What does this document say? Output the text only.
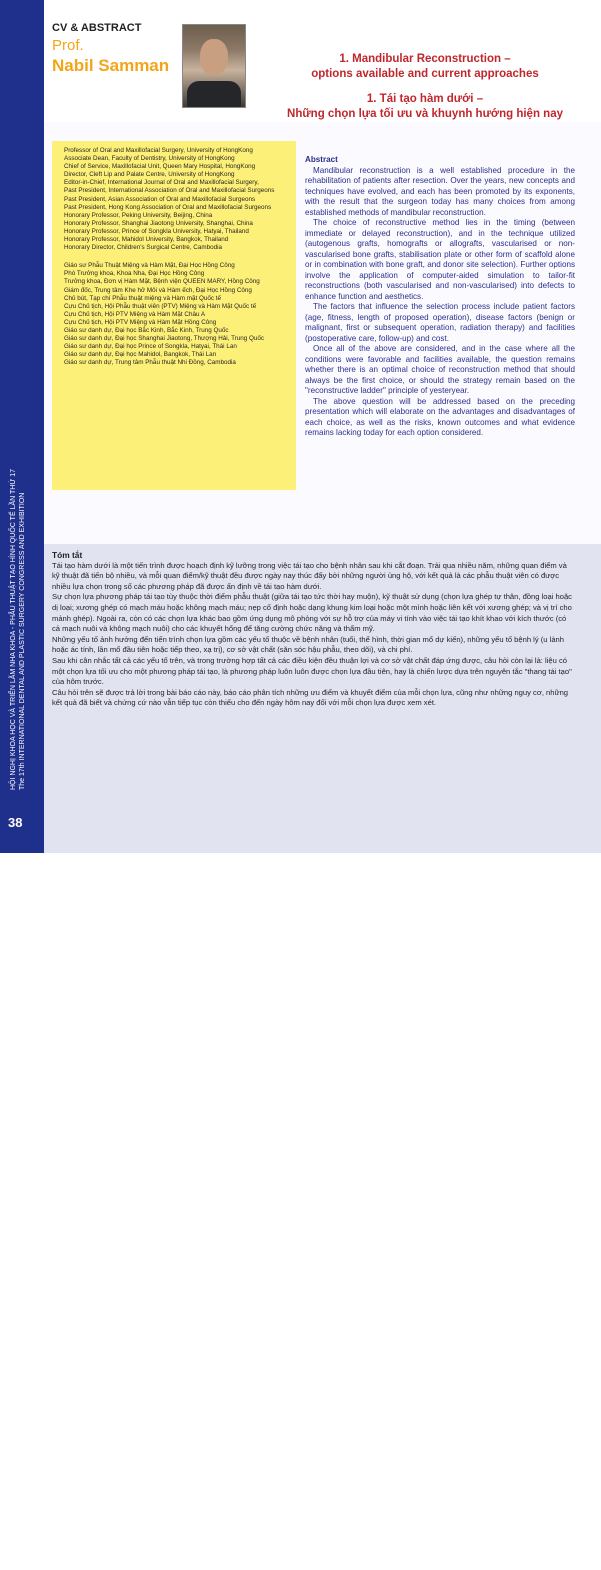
HỘI NGHỊ KHOA HỌC VÀ TRIỂN LÃM NHA KHOA - PHẪU THUẬT TẠO HÌNH QUỐC TẾ LẦN THỨ 17 The 17th INTERNATIONAL DENTAL AND PLASTIC SURGERY CONGRESS AND EXHIBITION
38
CV & ABSTRACT
Prof.
Nabil Samman	1. Mandibular Reconstruction –
options available and current approaches
1. Tái tạo hàm dưới –
Những chọn lựa tối ưu và khuynh hướng hiện nay
Professor of Oral and Maxillofacial Surgery, University of HongKong
Associate Dean, Faculty of Dentistry, University of HongKong
Chief of Service, Maxillofacial Unit, Queen Mary Hospital, HongKong
Director, Cleft Lip and Palate Centre, University of HongKong
Editor-in-Chief, International Journal of Oral and Maxillofacial Surgery,
Past President, International Association of Oral and Maxillofacial Surgeons
Past President, Asian Association of Oral and Maxillofacial Surgeons
Past President, Hong Kong Association of Oral and Maxillofacial Surgeons
Honorary Professor, Peking University, Beijing, China
Honorary Professor, Shanghai Jiaotong University, Shanghai, China
Honorary Professor, Prince of Songkla University, Hatyai, Thailand
Honorary Professor, Mahidol University, Bangkok, Thailand
Honorary Director, Children's Surgical Centre, Cambodia
Giáo sư Phẫu Thuật Miệng và Hàm Mặt, Đại Học Hồng Công
Phó Trưởng khoa, Khoa Nha, Đại Học Hồng Công
Trưởng khoa, Đơn vị Hàm Mặt, Bệnh viện QUEEN MARY, Hồng Công
Giám đốc, Trung tâm Khe hở Môi và Hàm ếch, Đại Học Hồng Công
Chủ bút, Tạp chí Phẫu thuật miệng và Hàm mặt Quốc tế
Cựu Chủ tịch, Hội Phẫu thuật viên (PTV) Miệng và Hàm Mặt Quốc tế
Cựu Chủ tịch, Hội PTV Miệng và Hàm Mặt Châu A
Cựu Chủ tịch, Hội PTV Miệng và Hàm Mặt Hồng Công
Giáo sư danh dự, Đại học Bắc Kinh, Bắc Kinh, Trung Quốc
Giáo sư danh dự, Đại học Shanghai Jiaotong, Thượng Hải, Trung Quốc
Giáo sư danh dự, Đại học Prince of Songkla, Hatyai, Thái Lan
Giáo sư danh dự, Đại học Mahidol, Bangkok, Thái Lan
Giáo sư danh dự, Trung tâm Phẫu thuật Nhi Đồng, Cambodia
Abstract

Mandibular reconstruction is a well established procedure in the rehabilitation of patients after resection. Over the years, new concepts and techniques have evolved, and each has been promoted by its exponents, with the result that the surgeon today has many choices from among established methods of mandibular reconstruction.

The choice of reconstructive method lies in the timing (between immediate or delayed reconstruction), and in the technique utilized (autogenous grafts, homografts or allografts, vascularised or non-vascularised bone grafts, stabilisation plate or other form of scaffold alone or in combination with bone graft, and donor site selection). Further options involve the application of computer-aided simulation to tailor-fit reconstructions (both vascularised and non-vascularised) into defects to enhance function and aesthetics.

The factors that influence the selection process include patient factors (age, fitness, length of proposed operation), disease factors (benign or malignant, first or subsequent operation, radiation therapy) and facilities (postoperative care, follow-up) and cost.

Once all of the above are considered, and in the case where all the conditions were favorable and facilities available, the question remains whether there is an optimal choice of reconstruction method that should always be the first choice, or should the strategy remain based on the "reconstructive ladder" principle of yesteryear.

The above question will be addressed based on the preceding presentation which will elaborate on the advantages and disadvantages of each choice, as well as the risks, known outcomes and what evidence remains lacking today for each option considered.

Tóm tắt

Tái tạo hàm dưới là một tiến trình được hoạch định kỹ lưỡng trong việc tái tạo cho bệnh nhân sau khi cắt đoạn. Trải qua nhiều năm, những quan điểm và kỹ thuật đã tiến bộ nhiều, và mỗi quan điểm/kỹ thuật đều được ngày nay thúc đẩy bởi những người ủng hộ, với kết quả là các phẫu thuật viên có được nhiều lựa chọn trong số các phương pháp đã được ấn định về tái tạo hàm dưới.

Sự chọn lựa phương pháp tái tạo tùy thuộc thời điểm phẫu thuật (giữa tái tạo tức thời hay muộn), kỹ thuật sử dụng (chọn lựa ghép tự thân, đồng loại hoặc dị loại; xương ghép có mạch máu hoặc không mạch máu; nẹp cố định hoặc dạng khung kim loại hoặc một mình hoặc liên kết với xương ghép; và vị trí cho mảnh ghép). Ngoài ra, còn có các chọn lựa khác bao gồm ứng dụng mô phỏng với sự hỗ trợ của máy vi tính vào việc tái tạo khít khao với kích thước (có cả mạch nuôi và không mạch nuôi) cho các khuyết hổng để tăng cường chức năng và thẩm mỹ.

Những yếu tố ảnh hưởng đến tiến trình chọn lựa gồm các yếu tố thuộc về bệnh nhân (tuổi, thể hình, thời gian mổ dự kiến), những yếu tố bệnh lý (u lành hoặc ác tính, lần mổ đầu tiên hoặc tiếp theo, xạ trị), cơ sở vật chất (săn sóc hậu phẫu, theo dõi), và chi phí.

Sau khi cân nhắc tất cả các yếu tố trên, và trong trường hợp tất cả các điều kiện đều thuận lợi và cơ sở vật chất đáp ứng được, câu hỏi còn lại là: liệu có một chọn lựa tối ưu cho một phương pháp tái tạo, là phương pháp luôn luôn được chọn lựa đầu tiên, hay là chiến lược dựa trên nguyên tắc "thang tái tạo" của hôm trước.

Câu hỏi trên sẽ được trả lời trong bài báo cáo này, báo cáo phân tích những ưu điểm và khuyết điểm của mỗi chọn lựa, cũng như những nguy cơ, những kết quả đã biết và chứng cứ nào vẫn tiếp tục còn thiếu cho đến ngày hôm nay đối với mỗi chọn lựa được xem xét.
